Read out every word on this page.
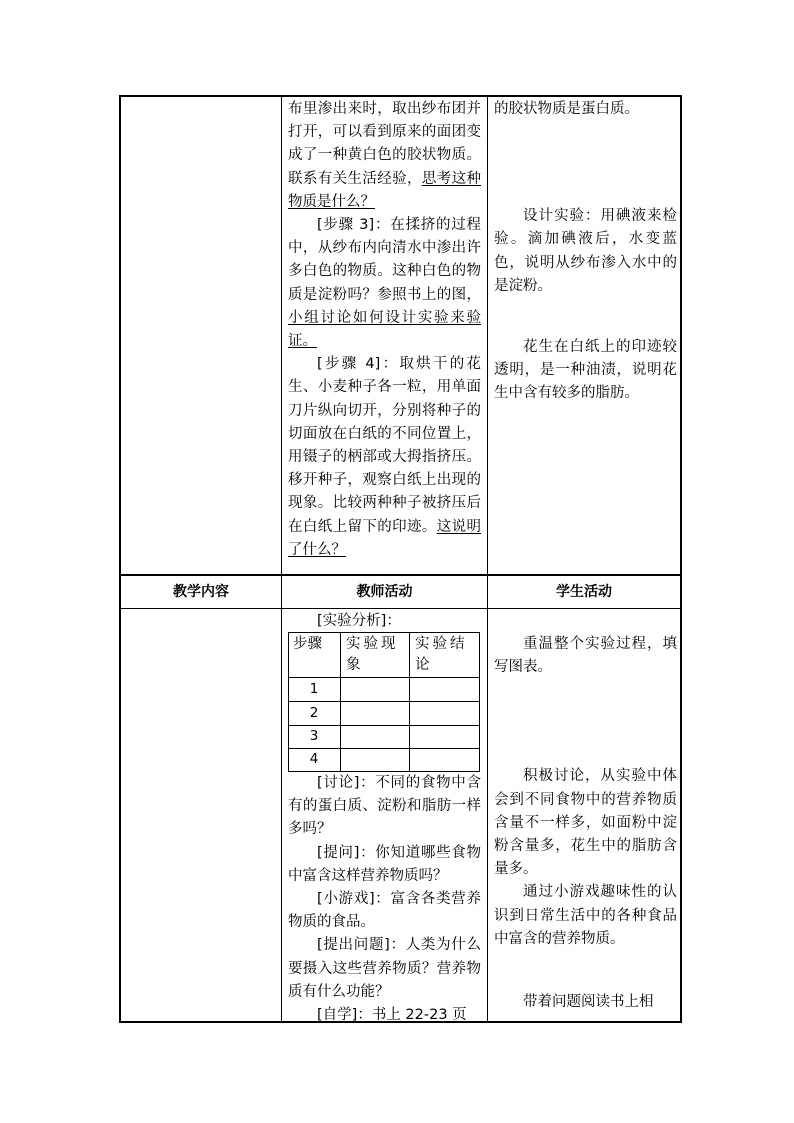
布里渗出来时，取出纱布团并打开，可以看到原来的面团变成了一种黄白色的胶状物质。联系有关生活经验，思考这种物质是什么？

[步骤 3]：在揉挤的过程中，从纱布内向清水中渗出许多白色的物质。这种白色的物质是淀粉吗？参照书上的图，小组讨论如何设计实验来验证。

[步骤 4]：取烘干的花生、小麦种子各一粒，用单面刀片纵向切开，分别将种子的切面放在白纸的不同位置上，用镊子的柄部或大拇指挤压。移开种子，观察白纸上出现的现象。比较两种种子被挤压后在白纸上留下的印迹。这说明了什么？

的胶状物质是蛋白质。

设计实验：用碘液来检验。滴加碘液后，水变蓝色，说明从纱布渗入水中的是淀粉。

花生在白纸上的印迹较透明，是一种油渍，说明花生中含有较多的脂肪。

教学内容	教师活动	学生活动

[实验分析]：

步骤 实验现象
实验结论
1
2
3
4

[讨论]：不同的食物中含有的蛋白质、淀粉和脂肪一样多吗？

[提问]：你知道哪些食物中富含这样营养物质吗？

[小游戏]：富含各类营养物质的食品。

[提出问题]：人类为什么要摄入这些营养物质？营养物质有什么功能？

[自学]：书上 22-23 页

重温整个实验过程，填写图表。

积极讨论，从实验中体会到不同食物中的营养物质含量不一样多，如面粉中淀粉含量多，花生中的脂肪含量多。

通过小游戏趣味性的认识到日常生活中的各种食品中富含的营养物质。

带着问题阅读书上相
